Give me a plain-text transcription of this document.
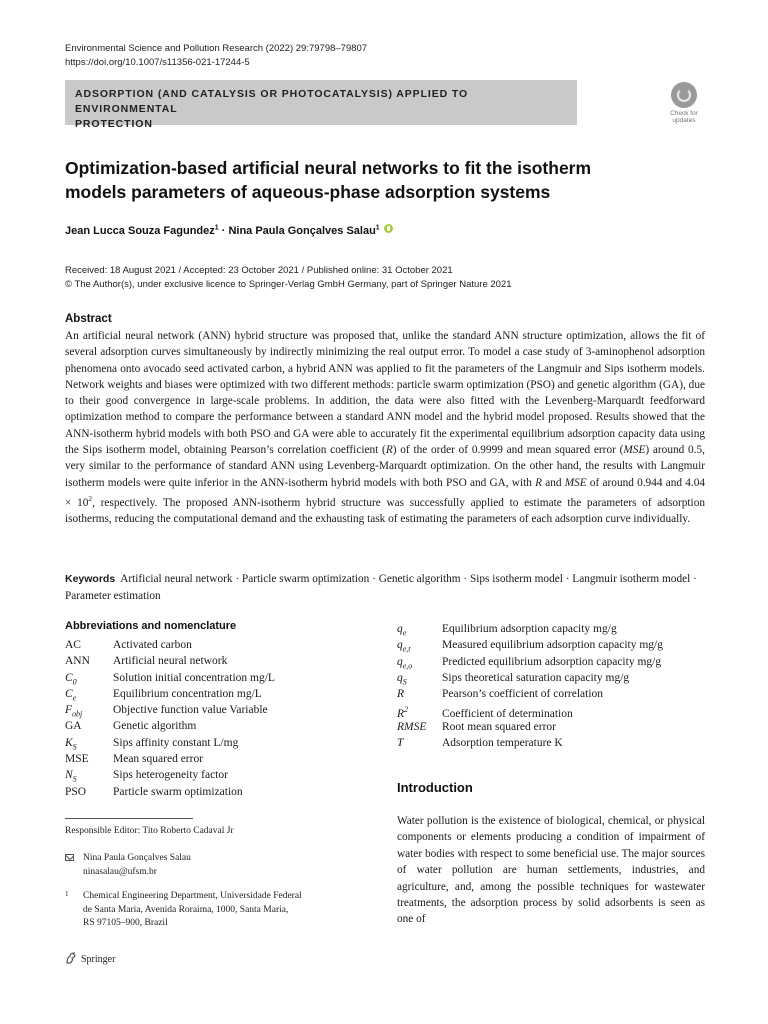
Environmental Science and Pollution Research (2022) 29:79798–79807
https://doi.org/10.1007/s11356-021-17244-5
ADSORPTION (AND CATALYSIS OR PHOTOCATALYSIS) APPLIED TO ENVIRONMENTAL
PROTECTION
Check for
updates
Optimization-based artificial neural networks to fit the isotherm
models parameters of aqueous-phase adsorption systems
Jean Lucca Souza Fagundez$^1$ · Nina Paula Gonçalves Salau$^1$
Received: 18 August 2021 / Accepted: 23 October 2021 / Published online: 31 October 2021
© The Author(s), under exclusive licence to Springer-Verlag GmbH Germany, part of Springer Nature 2021
Abstract
An artificial neural network (ANN) hybrid structure was proposed that, unlike the standard ANN structure optimization, allows the fit of several adsorption curves simultaneously by indirectly minimizing the real output error. To model a case study of 3-aminophenol adsorption phenomena onto avocado seed activated carbon, a hybrid ANN was applied to fit the parameters of the Langmuir and Sips isotherm models. Network weights and biases were optimized with two different methods: particle swarm optimization (PSO) and genetic algorithm (GA), due to their good convergence in large-scale problems. In addition, the data were also fitted with the Levenberg-Marquardt feedforward optimization method to compare the performance between a standard ANN model and the hybrid model proposed. Results showed that the ANN-isotherm hybrid models with both PSO and GA were able to accurately fit the experimental equilibrium adsorption capacity data using the Sips isotherm model, obtaining Pearson’s correlation coefficient (R) of the order of 0.9999 and mean squared error (MSE) around 0.5, very similar to the performance of standard ANN using Levenberg-Marquardt optimization. On the other hand, the results with Langmuir isotherm models were quite inferior in the ANN-isotherm hybrid models with both PSO and GA, with R and MSE of around 0.944 and $4.04 \times 10^2$, respectively. The proposed ANN-isotherm hybrid structure was successfully applied to estimate the parameters of adsorption isotherms, reducing the computational demand and the exhausting task of estimating the parameters of each adsorption curve individually.
Keywords Artificial neural network · Particle swarm optimization · Genetic algorithm · Sips isotherm model · Langmuir isotherm model · Parameter estimation
Abbreviations and nomenclature
AC	Activated carbon
ANN Artificial neural network
$C_0$	Solution initial concentration mg/L
$C_e$	Equilibrium concentration mg/L
$F_{obj}$	Objective function value Variable
GA	Genetic algorithm
$K_S$	Sips affinity constant L/mg
MSE Mean squared error
$N_S$	Sips heterogeneity factor
PSO Particle swarm optimization
$q_e$	Equilibrium adsorption capacity mg/g
$q_{e,t}$	Measured equilibrium adsorption capacity mg/g
$q_{e,o}$	Predicted equilibrium adsorption capacity mg/g
$q_S$	Sips theoretical saturation capacity mg/g
R	Pearson’s coefficient of correlation
$R^2$	Coefficient of determination
RMSE Root mean squared error
T	Adsorption temperature K
Introduction
Water pollution is the existence of biological, chemical, or physical components or elements producing a condition of impairment of water bodies with respect to some beneficial use. The major sources of water pollution are human settlements, industries, and agriculture, and, among the possible techniques for wastewater treatments, the adsorption process by solid adsorbents is seen as one of
Responsible Editor: Tito Roberto Cadaval Jr
Nina Paula Gonçalves Salau
ninasalau@ufsm.br
1 Chemical Engineering Department, Universidade Federal
de Santa Maria, Avenida Roraima, 1000, Santa Maria,
RS 97105–900, Brazil
Springer
